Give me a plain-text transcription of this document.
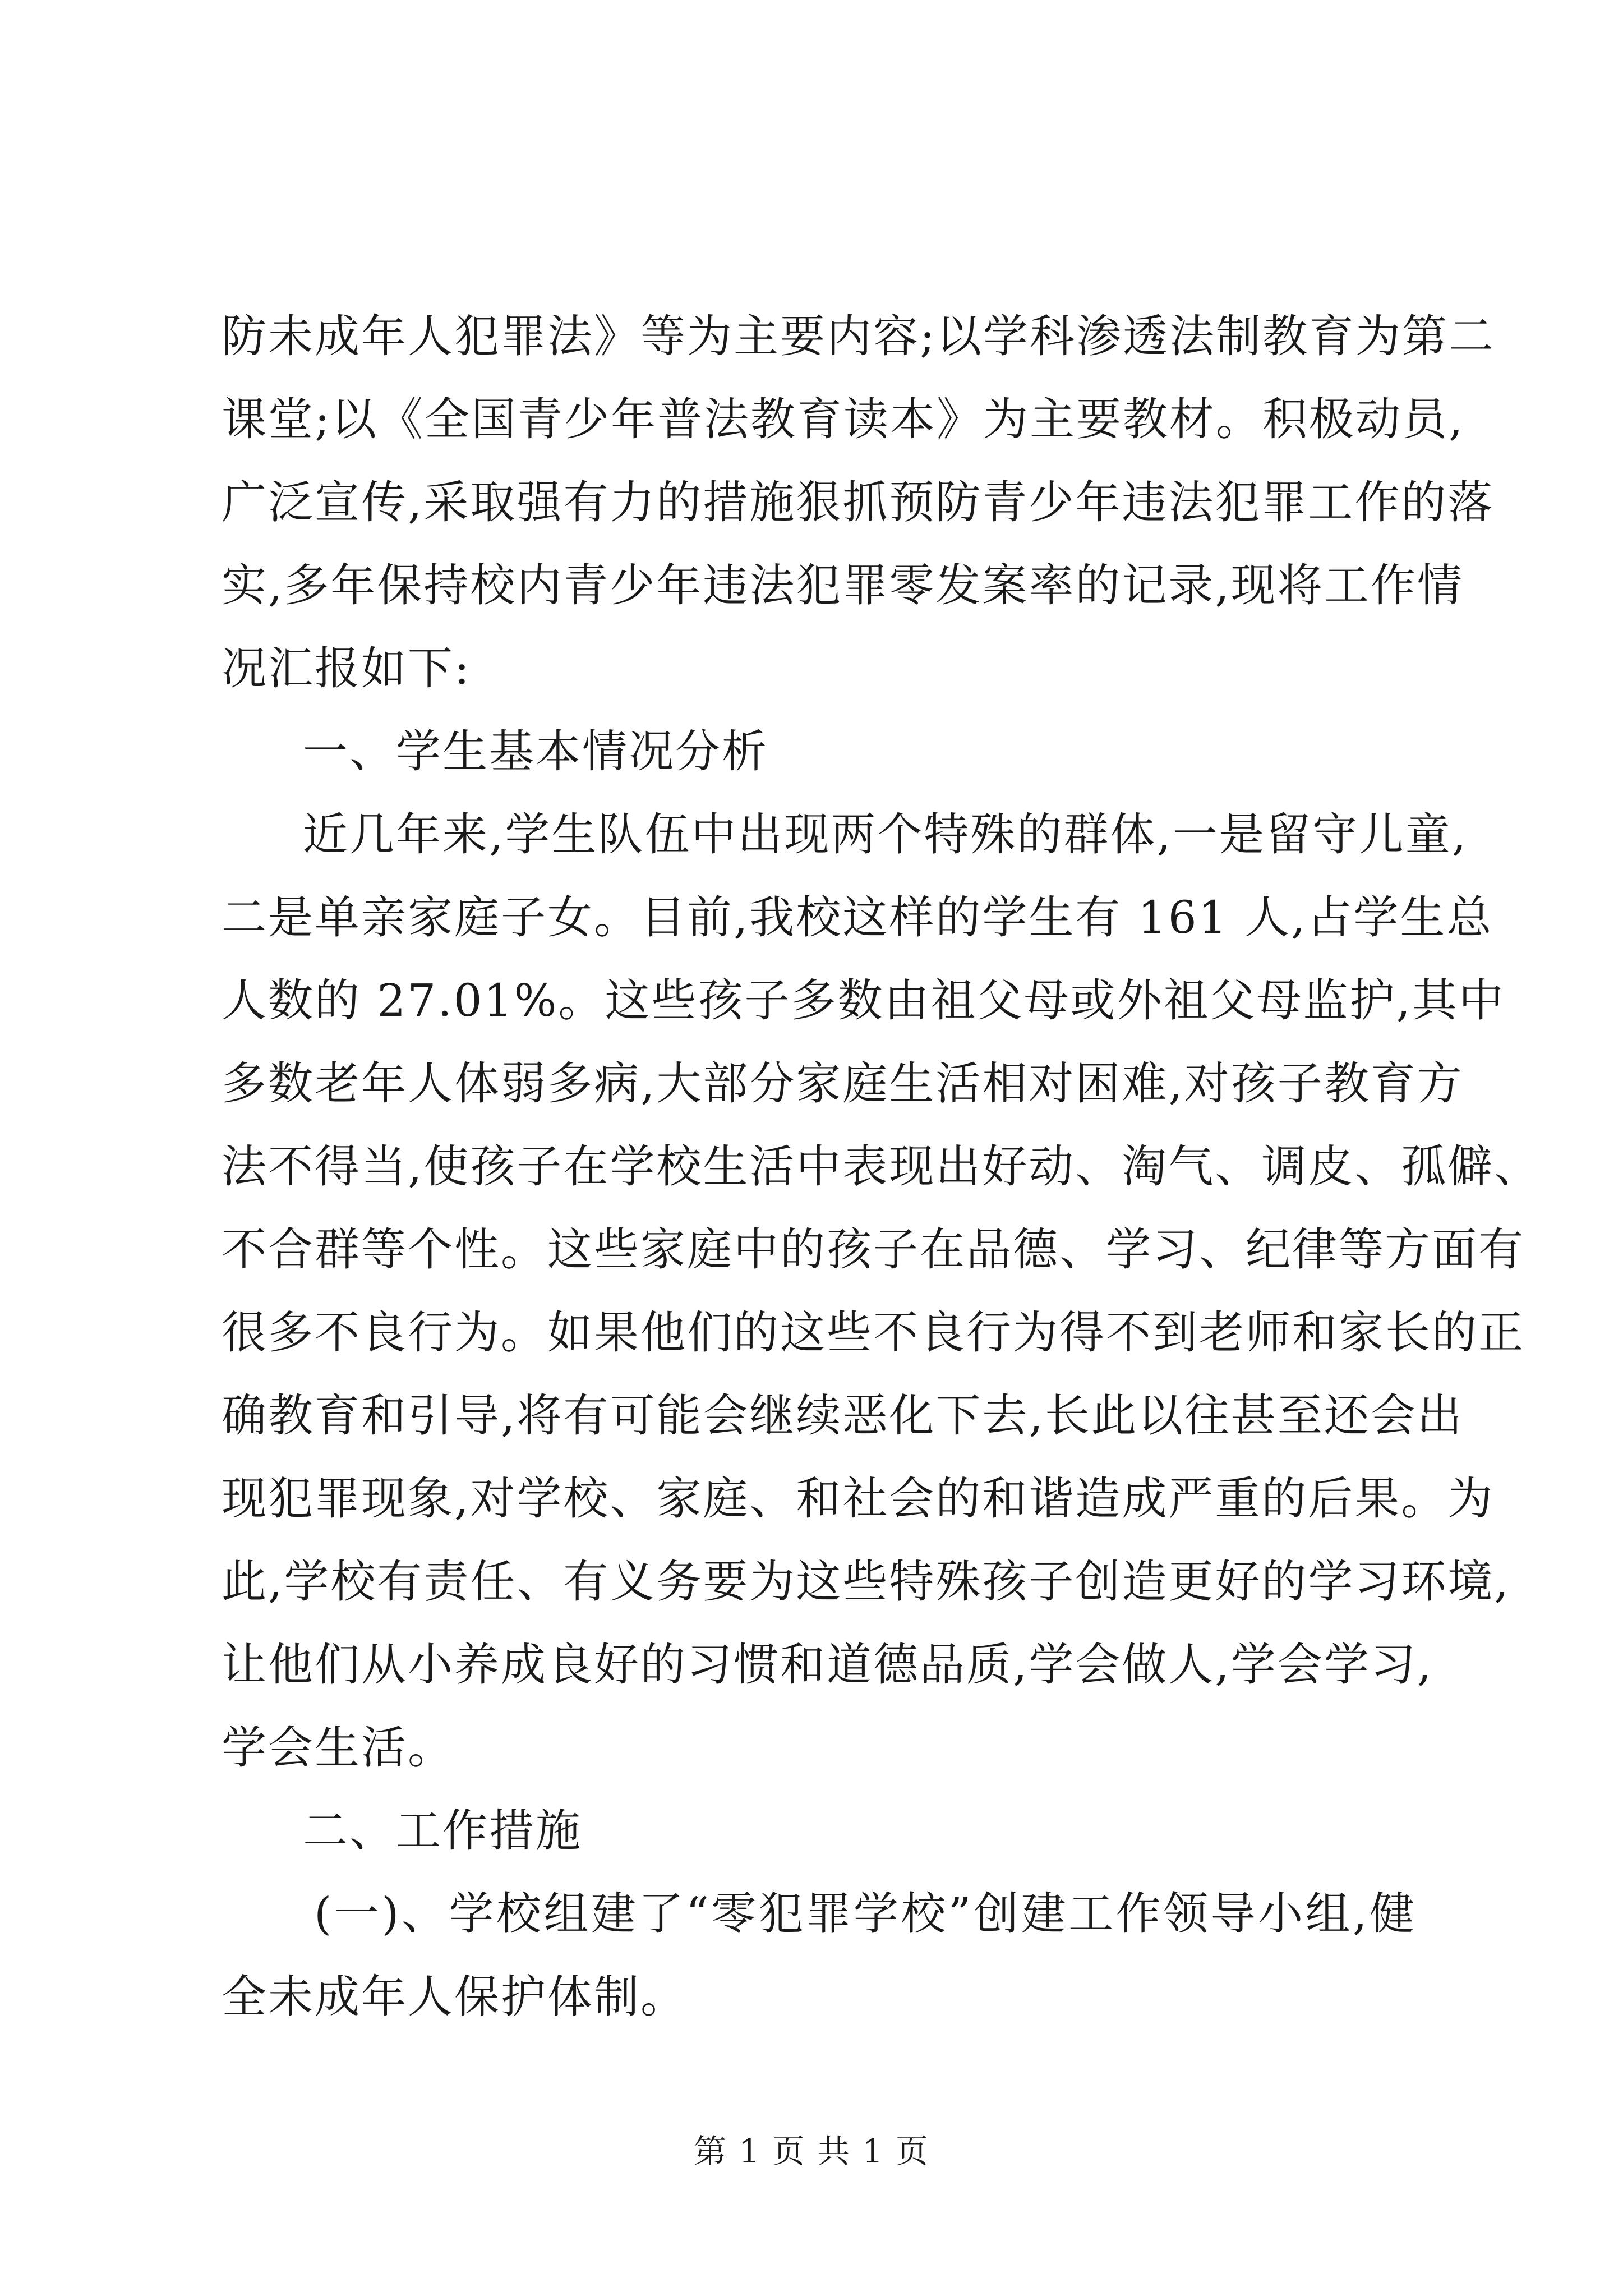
防未成年人犯罪法》等为主要内容;以学科渗透法制教育为第二
课堂;以《全国青少年普法教育读本》为主要教材。积极动员,
广泛宣传,采取强有力的措施狠抓预防青少年违法犯罪工作的落
实,多年保持校内青少年违法犯罪零发案率的记录,现将工作情
况汇报如下:
一、学生基本情况分析
近几年来,学生队伍中出现两个特殊的群体,一是留守儿童,
二是单亲家庭子女。目前,我校这样的学生有 161 人,占学生总
人数的 27.01%。这些孩子多数由祖父母或外祖父母监护,其中
多数老年人体弱多病,大部分家庭生活相对困难,对孩子教育方
法不得当,使孩子在学校生活中表现出好动、淘气、调皮、孤僻、
不合群等个性。这些家庭中的孩子在品德、学习、纪律等方面有
很多不良行为。如果他们的这些不良行为得不到老师和家长的正
确教育和引导,将有可能会继续恶化下去,长此以往甚至还会出
现犯罪现象,对学校、家庭、和社会的和谐造成严重的后果。为
此,学校有责任、有义务要为这些特殊孩子创造更好的学习环境,
让他们从小养成良好的习惯和道德品质,学会做人,学会学习,
学会生活。
二、工作措施
(一)、学校组建了“零犯罪学校”创建工作领导小组,健
第 1 页 共 1 页
全未成年人保护体制。
